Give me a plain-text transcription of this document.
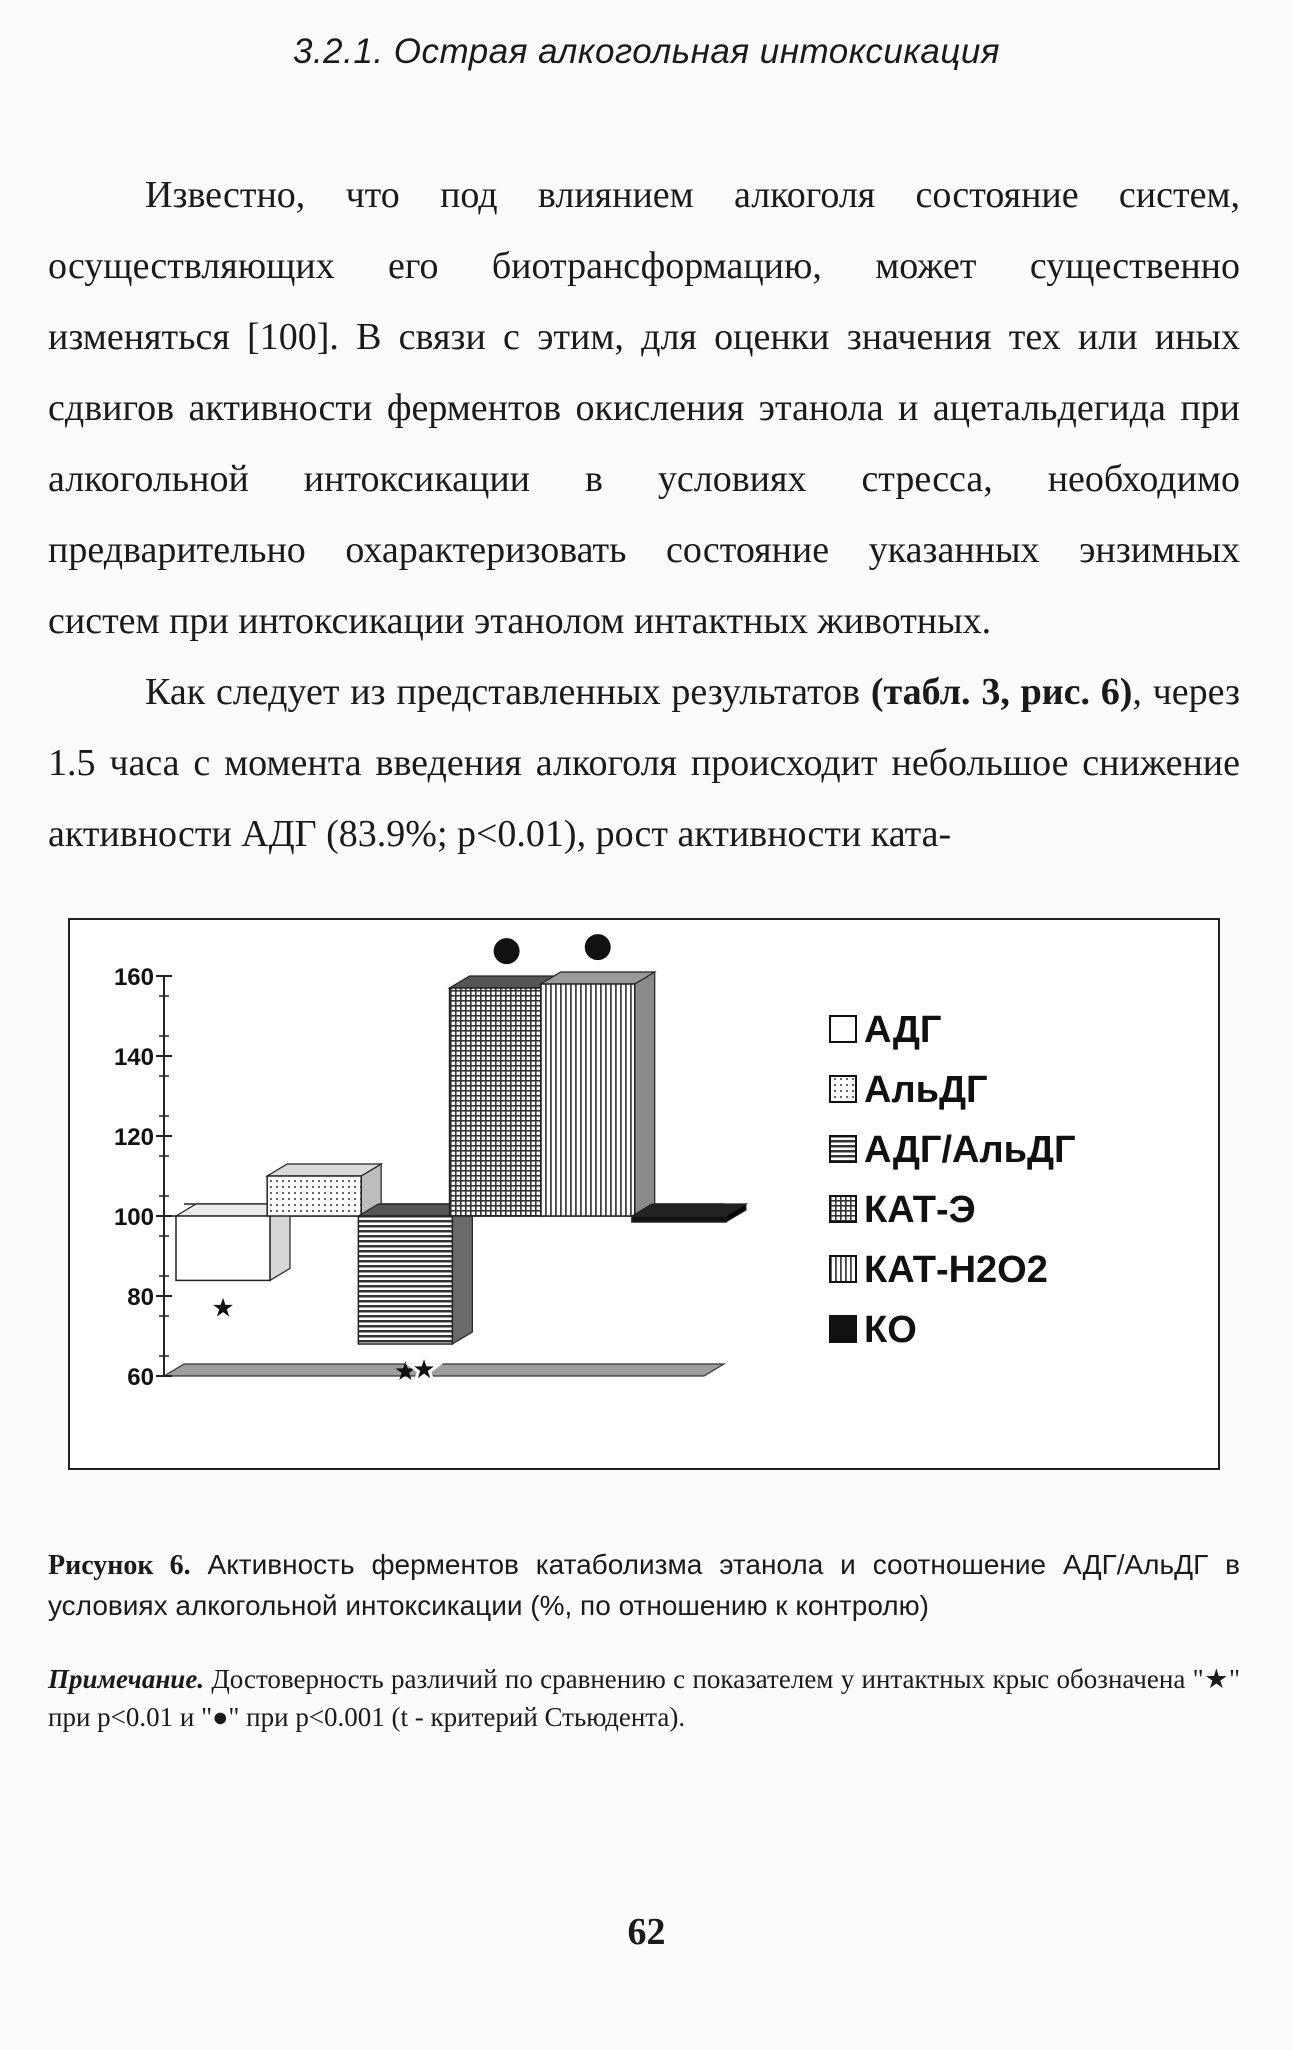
3.2.1. Острая алкогольная интоксикация

Известно, что под влиянием алкоголя состояние систем, осуществляющих его биотрансформацию, может существенно изменяться [100]. В связи с этим, для оценки значения тех или иных сдвигов активности ферментов окисления этанола и ацетальдегида при алкогольной интоксикации в условиях стресса, необходимо предварительно охарактеризовать состояние указанных энзимных систем при интоксикации этанолом интактных животных.

Как следует из представленных результатов (табл. 3, рис. 6), через 1.5 часа с момента введения алкоголя происходит небольшое снижение активности АДГ (83.9%; p<0.01), рост активности ката-

160
140
120
100
80
60
★
★
● ●
★
АДГ
АльДГ
АДГ/АльДГ
КАТ-Э
КАТ-Н2О2
КО
Рисунок 6. Активность ферментов катаболизма этанола и соотношение АДГ/АльДГ в условиях алкогольной интоксикации (%, по отношению к контролю)
Примечание. Достоверность различий по сравнению с показателем у интактных крыс обозначена "★" при p<0.01 и "●" при p<0.001 (t - критерий Стьюдента).
62
